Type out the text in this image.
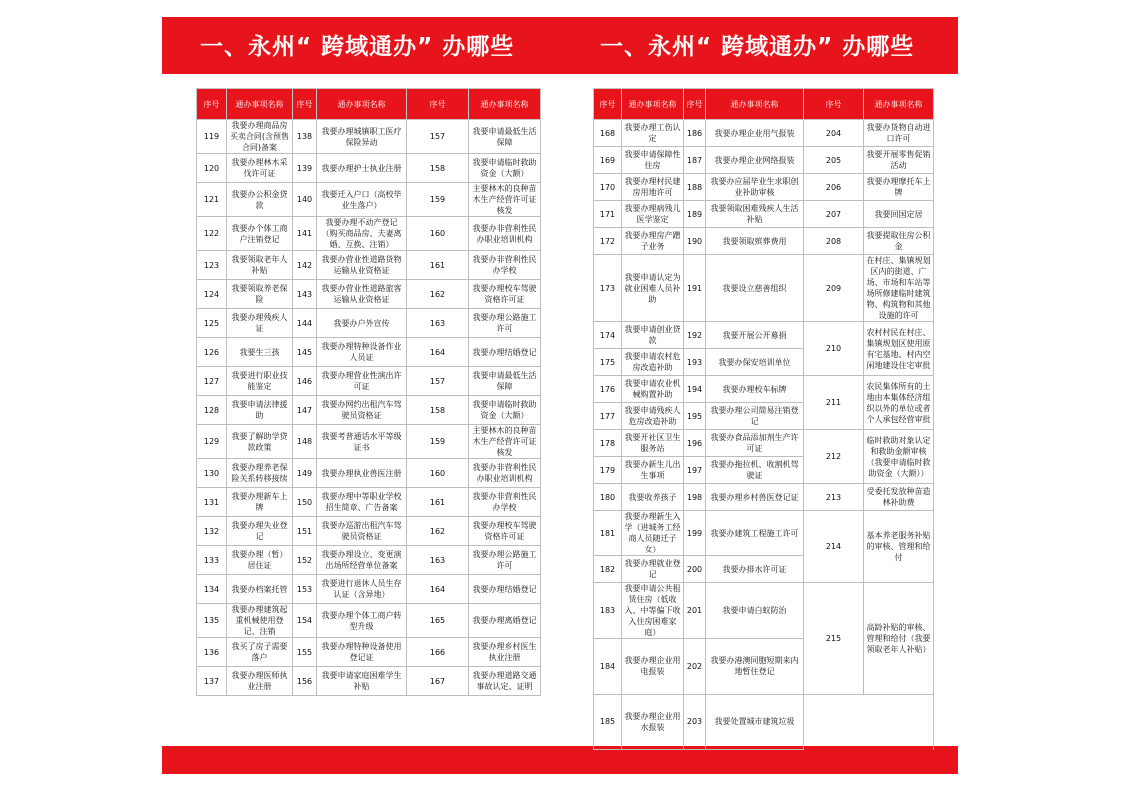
一、永州“ 跨域通办” 办哪些	一、永州“ 跨域通办” 办哪些
序号	通办事项名称	序号	通办事项名称	序号	通办事项名称
119	我要办理商品房买卖合同(含预售合同)备案	138	我要办理城镇职工医疗保险异动	157	我要申请最低生活保障
120	我要办理林木采伐许可证	139	我要办理护士执业注册	158	我要申请临时救助资金（大额）
121	我要办公积金贷款	140	我要迁入户口（高校毕业生落户）	159	主要林木的良种苗木生产经营许可证核发
122	我要办个体工商户注销登记	141	我要办理不动产登记（购买商品房、夫妻离婚、互换、注销）	160	我要办非营利性民办职业培训机构
123	我要领取老年人补贴	142	我要办营业性道路货物运输从业资格证	161	我要办非营利性民办学校
124	我要领取养老保险	143	我要办营业性道路旅客运输从业资格证	162	我要办理校车驾驶资格许可证
125	我要办理残疾人证	144	我要办户外宣传	163	我要办理公路施工许可
126	我要生三孩	145	我要办理特种设备作业人员证	164	我要办理结婚登记
127	我要进行职业技能鉴定	146	我要办理营业性演出许可证	157	我要申请最低生活保障
128	我要申请法律援助	147	我要办网约出租汽车驾驶员资格证	158	我要申请临时救助资金（大额）
129	我要了解助学贷款政策	148	我要考普通话水平等级证书	159	主要林木的良种苗木生产经营许可证核发
130	我要办理养老保险关系转移接续	149	我要办理执业兽医注册	160	我要办非营利性民办职业培训机构
131	我要办理新车上牌	150	我要办理中等职业学校招生简章、广告备案	161	我要办非营利性民办学校
132	我要办理失业登记	151	我要办巡游出租汽车驾驶员资格证	162	我要办理校车驾驶资格许可证
133	我要办理（暂）居住证	152	我要办理设立、变更演出场所经营单位备案	163	我要办理公路施工许可
134	我要办档案托管	153	我要进行退休人员生存认证（含异地）	164	我要办理结婚登记
135	我要办理建筑起重机械使用登记、注销	154	我要办理个体工商户转型升级	165	我要办理离婚登记
136	我买了房子需要落户	155	我要办理特种设备使用登记证	166	我要办理乡村医生执业注册
137	我要办理医师执业注册	156	我要申请家庭困难学生补贴	167	我要办理道路交通事故认定、证明
序号	通办事项名称	序号	通办事项名称	序号	通办事项名称	
168	我要办理工伤认定	186	我要办理企业用气报装	204	我要办货物自动进口许可	
169	我要申请保障性住房	187	我要办理企业网络报装	205	我要开展零售促销活动	
170	我要办理村民建房用地许可	188	我要办应届毕业生求职创业补助审核	206	我要办理摩托车上牌	
171	我要办理病残儿医学鉴定	189	我要领取困难残疾人生活补贴	207	我要回国定居	
172	我要办理房产蹭子业务	190	我要领取殡葬费用	208	我要提取住房公积金	
173	我要申请认定为就业困难人员补助	191	我要设立慈善组织	209	在村庄、集镇规划区内的街道、广场、市场和车站等场所修建临时建筑物、构筑物和其他设施的许可	
174	我要申请创业贷款	192	我要开展公开募捐	210	农村村民在村庄、集镇规划区使用原有宅基地、村内空闲地建设住宅审批	
175	我要申请农村危房改造补助	193	我要办保安培训单位			
176	我要申请农业机械购置补助	194	我要办理校车标牌	211	农民集体所有的土地由本集体经济组织以外的单位或者个人承包经营审批	
177	我要申请残疾人危房改造补助	195	我要办理公司简易注销登记			
178	我要开社区卫生服务站	196	我要办食品添加剂生产许可证	212	临时救助对象认定和救助金额审核（我要申请临时救助资金（大额））	
179	我要办新生儿出生事项	197	我要办拖拉机、收割机驾驶证			
180	我要收养孩子	198	我要办理乡村兽医登记证	213	受委托发放种苗造林补助费	
181	我要办理新生入学（进城务工经商人员随迁子女）	199	我要办建筑工程施工许可	214	基本养老服务补贴的审核、管理和给付	
182	我要办理就业登记	200	我要办排水许可证			
183	我要申请公共租赁住房（低收入、中等偏下收入住房困难家庭）	201	我要申请白蚁防治	215	高龄补贴的审核、管理和给付（我要领取老年人补贴）	
184	我要办理企业用电报装	202	我要办港澳同胞短期来内地暂住登记		
185	我要办理企业用水报装	203	我要处置城市建筑垃圾			
